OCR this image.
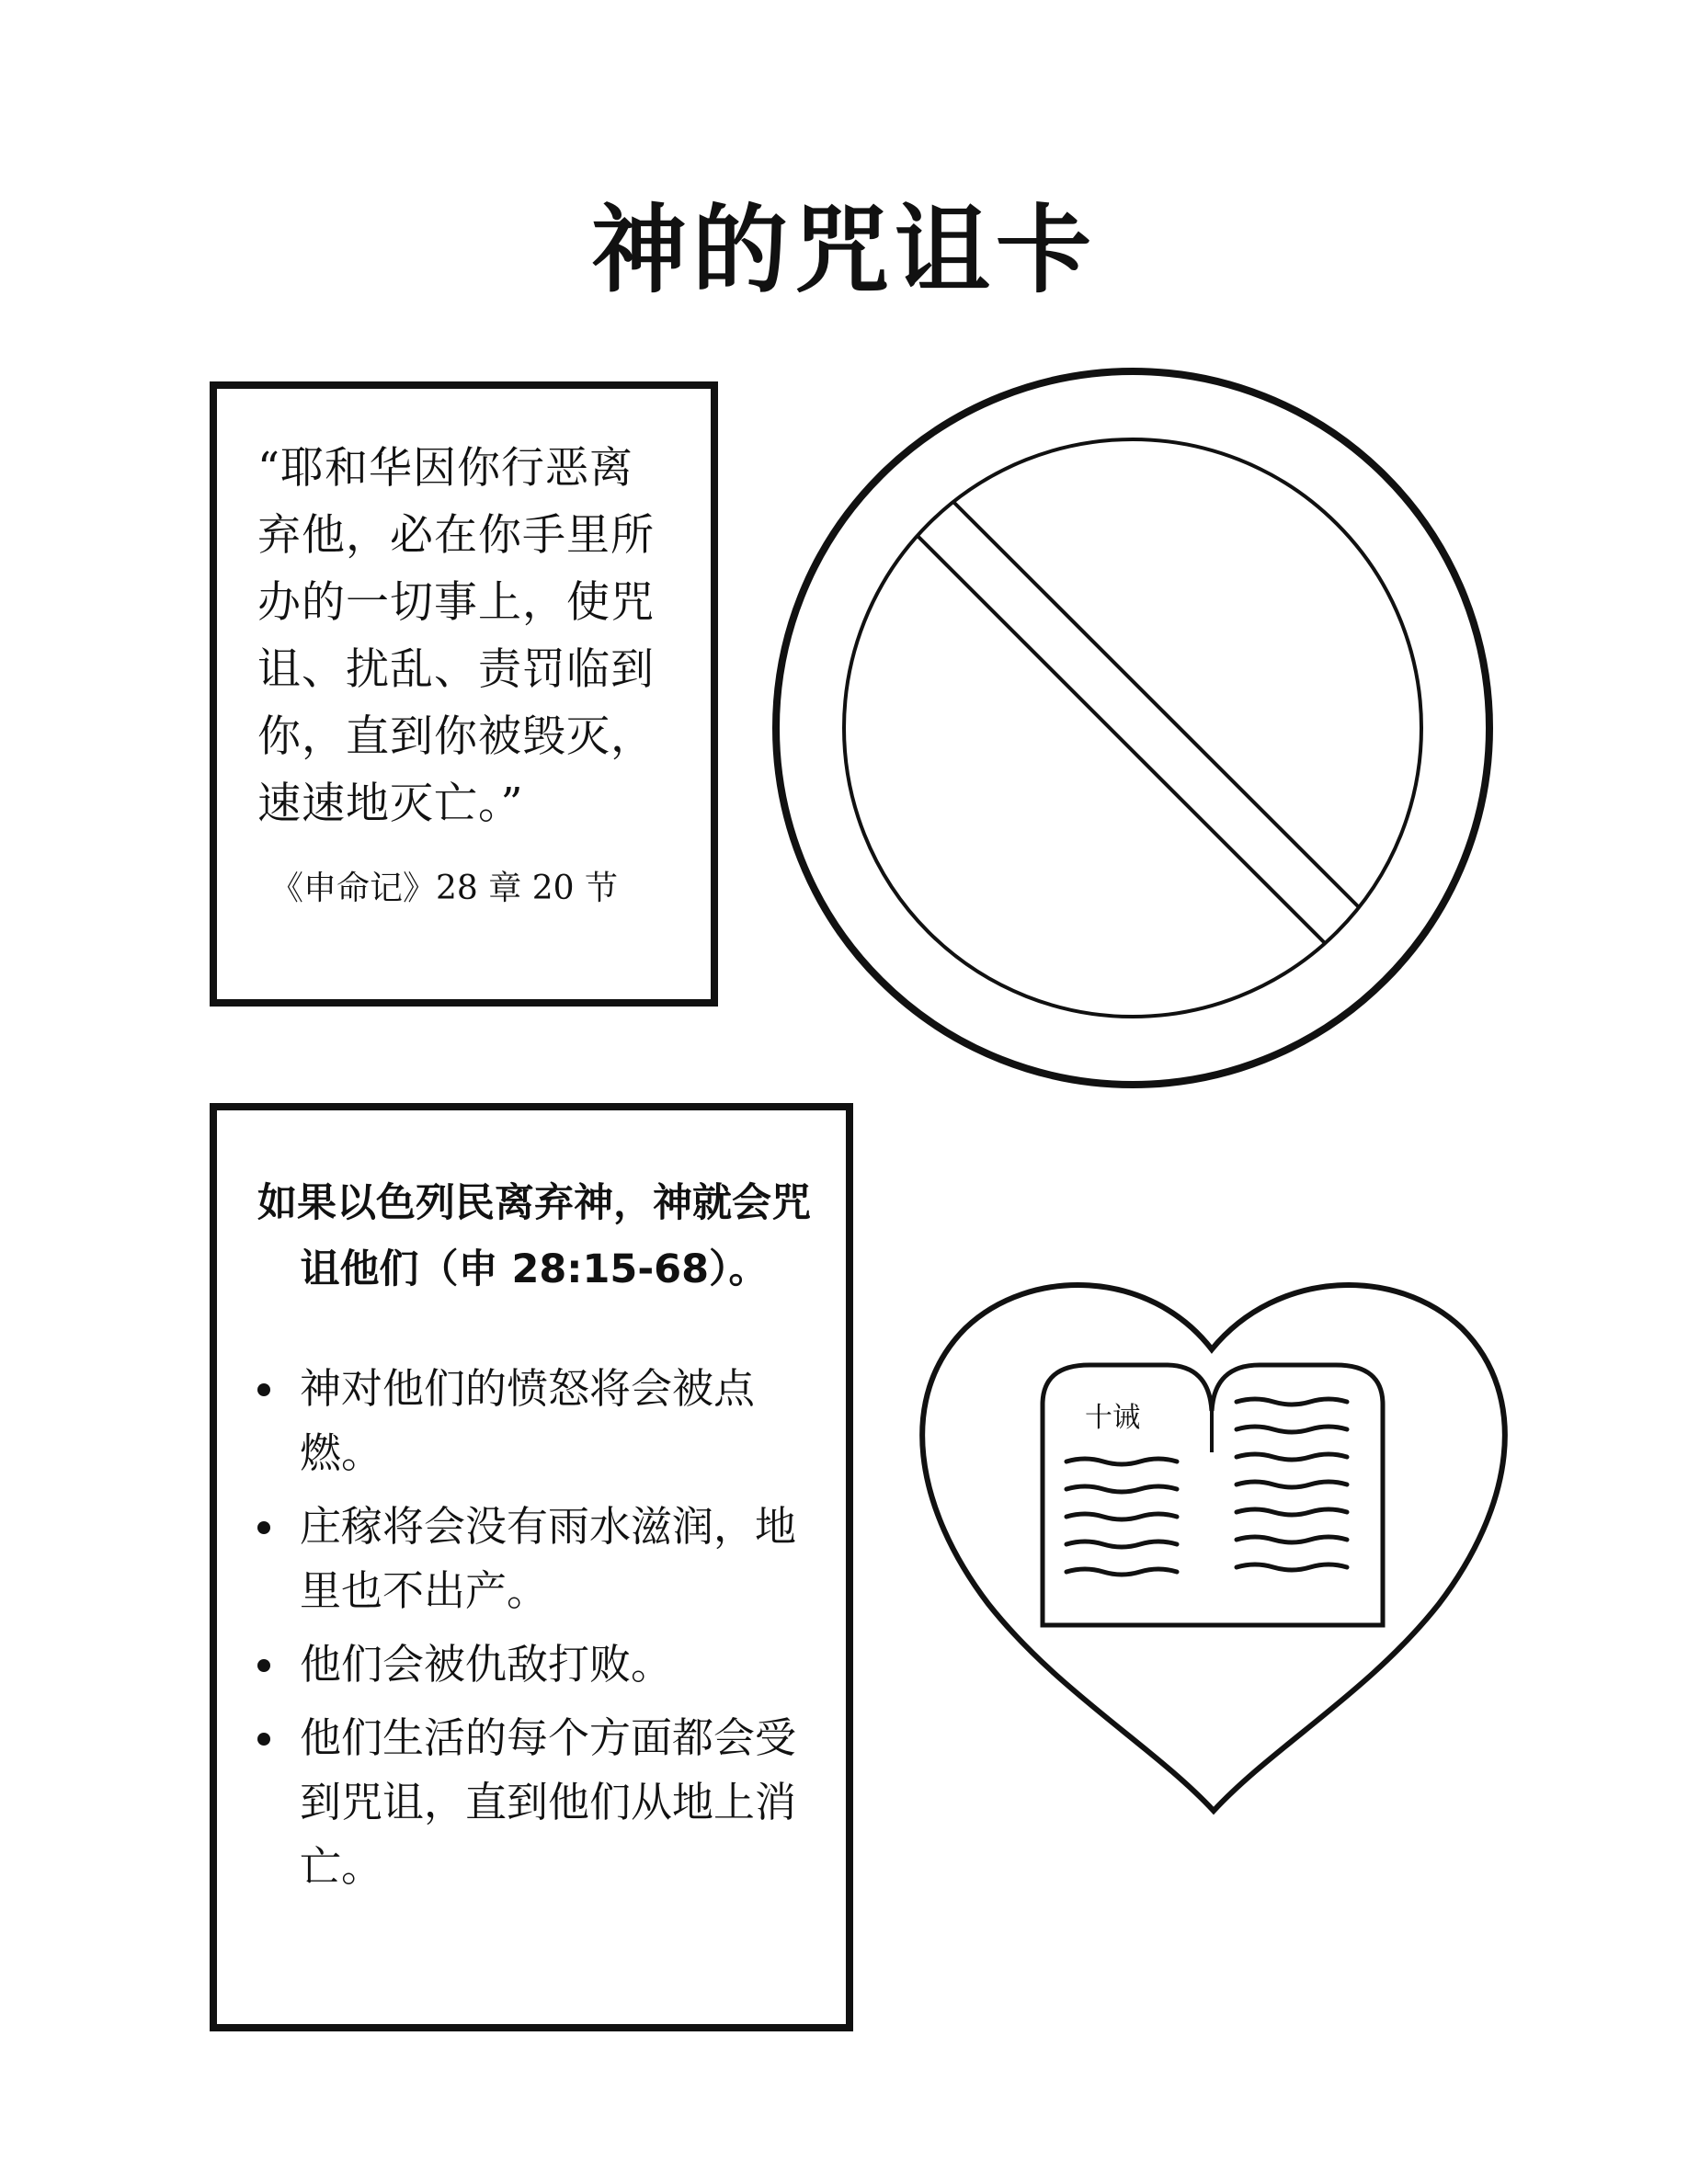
神的咒诅卡
“耶和华因你行恶离弃他，必在你手里所办的一切事上，使咒诅、扰乱、责罚临到你，直到你被毁灭，速速地灭亡。”
《申命记》28 章 20 节
如果以色列民离弃神，神就会咒诅他们（申 28:15-68）。
神对他们的愤怒将会被点燃。
庄稼将会没有雨水滋润，地里也不出产。
他们会被仇敌打败。
他们生活的每个方面都会受到咒诅，直到他们从地上消亡。
十诫
